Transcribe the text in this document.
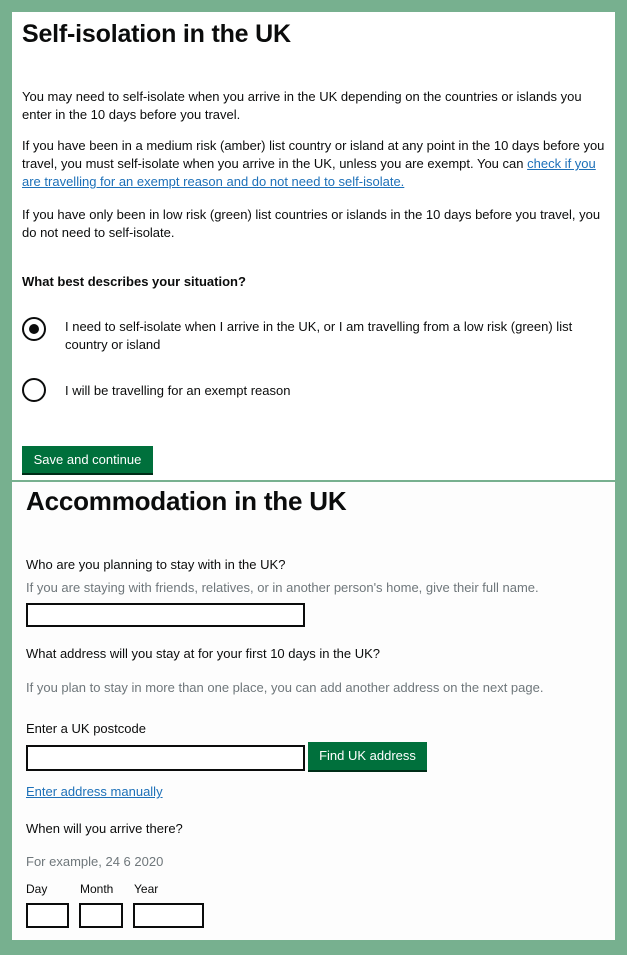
Self-isolation in the UK

You may need to self-isolate when you arrive in the UK depending on the countries or islands you enter in the 10 days before you travel.

If you have been in a medium risk (amber) list country or island at any point in the 10 days before you travel, you must self-isolate when you arrive in the UK, unless you are exempt. You can check if you are travelling for an exempt reason and do not need to self-isolate.

If you have only been in low risk (green) list countries or islands in the 10 days before you travel, you do not need to self-isolate.

What best describes your situation?

I need to self-isolate when I arrive in the UK, or I am travelling from a low risk (green) list country or island
I will be travelling for an exempt reason
Save and continue
Accommodation in the UK

Who are you planning to stay with in the UK?

If you are staying with friends, relatives, or in another person's home, give their full name.

What address will you stay at for your first 10 days in the UK?

If you plan to stay in more than one place, you can add another address on the next page.

Enter a UK postcode

Find UK address
Enter address manually

When will you arrive there?

For example, 24 6 2020

Day	Month Year
